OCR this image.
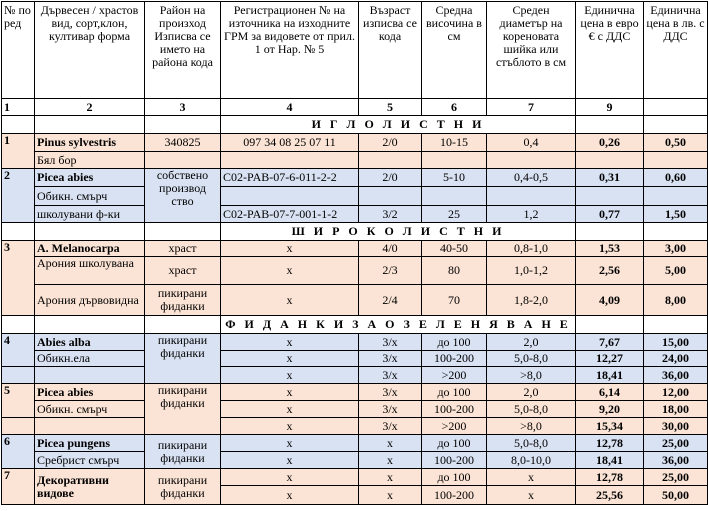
№ по ред	Дървесен / храстов вид, сорт,клон, култивар форма	Район на произход Изписва се името на района кода	Регистрационен № на източника на изходните ГРМ за видовете от прил. 1 от Нар. № 5	Възраст изписва се кода	Средна височина в см	Среден диаметър на кореновата шийка или стъблото в см	Единична цена в евро € с ДДС	Единична цена в лв. с ДДС
1	2	3	4	5	6	7	9	
			И Г Л О Л И С Т Н И					
1	Pinus sylvestris	340825	097 34 08 25 07 11	2/0	10-15	0,4	0,26	0,50
	Бял бор							
2	Picea abies	собствено производ ство	C02-PAB-07-6-011-2-2	2/0	5-10	0,4-0,5	0,31	0,60
	Обикн. смърч							
	школувани ф-ки		C02-PAB-07-7-001-1-2	3/2	25	1,2	0,77	1,50
			Ш И Р О К О Л И С Т Н И					
3	A. Melanocarpa	храст	x	4/0	40-50	0,8-1,0	1,53	3,00
	Арония школувана	храст	x	2/3	80	1,0-1,2	2,56	5,00
	Арония дървовидна	пикирани фиданки	x	2/4	70	1,8-2,0	4,09	8,00
			Ф И Д А Н К И З А О З Е Л Е Н Я В А Н Е					
4	Abies alba	пикирани фиданки	x	3/x	до 100	2,0	7,67	15,00
	Обикн.ела		x	3/x	100-200	5,0-8,0	12,27	24,00
			x	3/x	>200	>8,0	18,41	36,00
5	Picea abies	пикирани фиданки	x	3/x	до 100	2,0	6,14	12,00
	Обикн. смърч		x	3/x	100-200	5,0-8,0	9,20	18,00
			x	3/x	>200	>8,0	15,34	30,00
6	Picea pungens	пикирани фиданки	x	x	до 100	5,0-8,0	12,78	25,00
	Сребрист смърч		x	x	100-200	8,0-10,0	18,41	36,00
7	Декоративни видове	пикирани фиданки	x	x	до 100	x	12,78	25,00
			x	x	100-200	x	25,56	50,00
